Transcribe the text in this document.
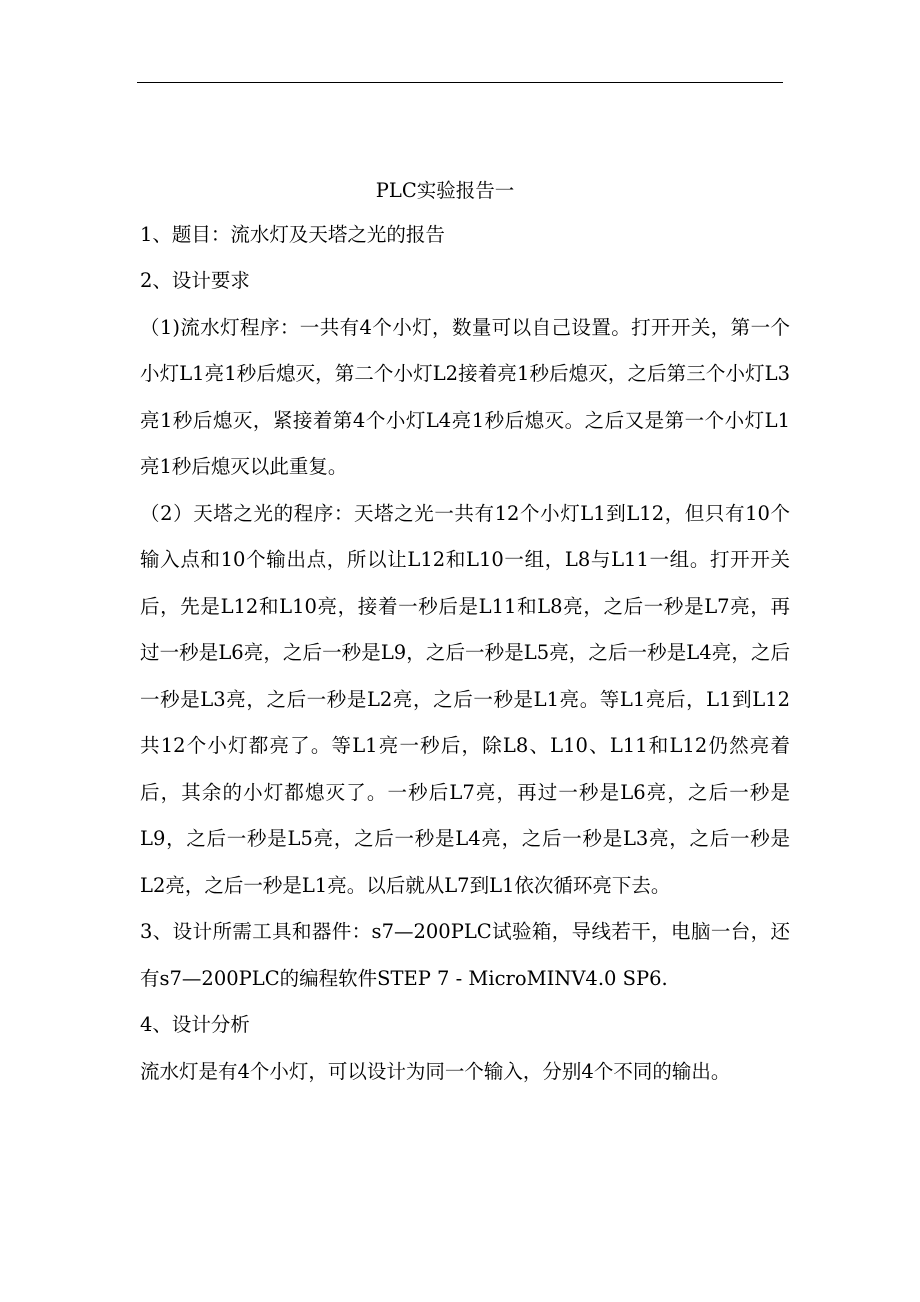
PLC实验报告一

1、题目：流水灯及天塔之光的报告

2、设计要求

（1)流水灯程序：一共有4个小灯，数量可以自己设置。打开开关，第一个小灯L1亮1秒后熄灭，第二个小灯L2接着亮1秒后熄灭，之后第三个小灯L3亮1秒后熄灭，紧接着第4个小灯L4亮1秒后熄灭。之后又是第一个小灯L1亮1秒后熄灭以此重复。

（2）天塔之光的程序：天塔之光一共有12个小灯L1到L12，但只有10个输入点和10个输出点，所以让L12和L10一组，L8与L11一组。打开开关后，先是L12和L10亮，接着一秒后是L11和L8亮，之后一秒是L7亮，再过一秒是L6亮，之后一秒是L9，之后一秒是L5亮，之后一秒是L4亮，之后一秒是L3亮，之后一秒是L2亮，之后一秒是L1亮。等L1亮后，L1到L12共12个小灯都亮了。等L1亮一秒后，除L8、L10、L11和L12仍然亮着后，其余的小灯都熄灭了。一秒后L7亮，再过一秒是L6亮，之后一秒是L9，之后一秒是L5亮，之后一秒是L4亮，之后一秒是L3亮，之后一秒是L2亮，之后一秒是L1亮。以后就从L7到L1依次循环亮下去。

3、设计所需工具和器件：s7—200PLC试验箱，导线若干，电脑一台，还有s7—200PLC的编程软件STEP 7 - MicroMINV4.0 SP6.

4、设计分析

流水灯是有4个小灯，可以设计为同一个输入，分别4个不同的输出。
